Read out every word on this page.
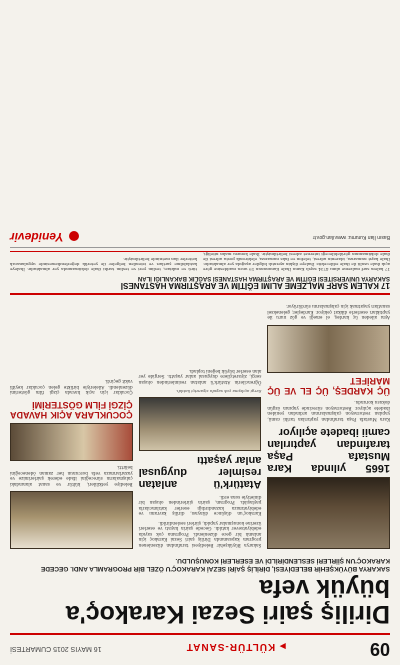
09
▶ KÜLTÜR-SANAT
16 MAYIS 2015 CUMARTESİ
Diriliş şairi Sezai Karakoç'a büyük vefa
SAKARYA BÜYÜKŞEHİR BELEDİYESİ, DİRİLİŞ ŞAİRİ SEZAİ KARAKOÇ'U ÖZEL BİR PROGRAMLA ANDI. GECEDE KARAKOÇ'UN ŞİİRLERİ SESLENDİRİLDİ VE ESERLERİ KONUŞULDU.
1665 yılında Kara Mustafa Paşa tarafından yaptırılan camii ibadete açılıyor

Kara Mustafa Paşa tarafından yaptırılan tarihi camii, yapılan restorasyon çalışmalarının ardından yeniden ibadete açılıyor. Restorasyon sürecinde yapının özgün dokusu korundu.

ÜÇ KARDEŞ, ÜÇ EL VE ÜÇ MARİFET

Aynı aileden üç kardeş, el emeği ve göz nuru ile yaptıkları eserlerle dikkat çekiyor. Kardeşler, geleneksel sanatları yaşatmak için çalışmalarını sürdürüyor.

Sakarya Büyükşehir Belediyesi tarafından düzenlenen program kapsamında Diriliş şairi Sezai Karakoç için anlamlı bir gece düzenlendi. Programa çok sayıda edebiyatsever katıldı. Gecede şairin hayatı ve eserleri üzerine konuşmalar yapıldı, şiirleri seslendirildi.

Karakoç'un düşünce dünyası, diriliş kavramı ve edebiyatımıza kazandırdığı eserler katılımcılarla paylaşıldı. Program, şairin şiirlerinden oluşan bir dinletiyle sona erdi.

Atatürk'ü anlatan resimler duygusal anlar yaşattı
Sergi açılışına çok sayıda ziyaretçi katıldı.

Öğrencilerin Atatürk'ü anlatan resimlerinden oluşan sergi, ziyaretçilere duygusal anlar yaşattı. Sergide yer alan eserler büyük beğeni topladı.

Belediye yetkilileri, kültür ve sanat alanındaki çalışmaların süreceğini ifade ederek şairlerimize ve yazarlarımıza vefa borcunun her zaman ödeneceğini belirtti.

ÇOCUKLARA AÇIK HAVADA ÇİZGİ FİLM GÖSTERİMİ

Çocuklar için açık havada çizgi film gösterimi düzenlendi. Aileleriyle birlikte gelen çocuklar keyifli vakit geçirdi.

17 KALEM SARF MALZEME ALIMI EĞİTİM VE ARAŞTIRMA HASTANESİ
SAKARYA ÜNİVERSİTESİ EĞİTİM VE ARAŞTIRMA HASTANESİ SAĞLIK BAKANLIĞI İLAN
17 kalem sarf malzeme alımı 4734 sayılı Kamu İhale Kanununun 19 uncu maddesine göre açık ihale usulü ile ihale edilecektir. İhaleye ilişkin ayrıntılı bilgiler aşağıda yer almaktadır. İhale kayıt numarası, idarenin adresi, telefon ve faks numarası, elektronik posta adresi ile ihale dokümanının görülebileceği internet adresi belirtilmiştir. İhale konusu malın niteliği, türü ve miktarı, teslim yeri ve teslim tarihi ihale dokümanında yer almaktadır. İhaleye katılabilme şartları ve istenilen belgeler ile yeterlik değerlendirmesinde uygulanacak kriterler ilan metninde belirtilmiştir.
Basın İlan Kurumu: www.ilan.gov.tr
Yenidevir
